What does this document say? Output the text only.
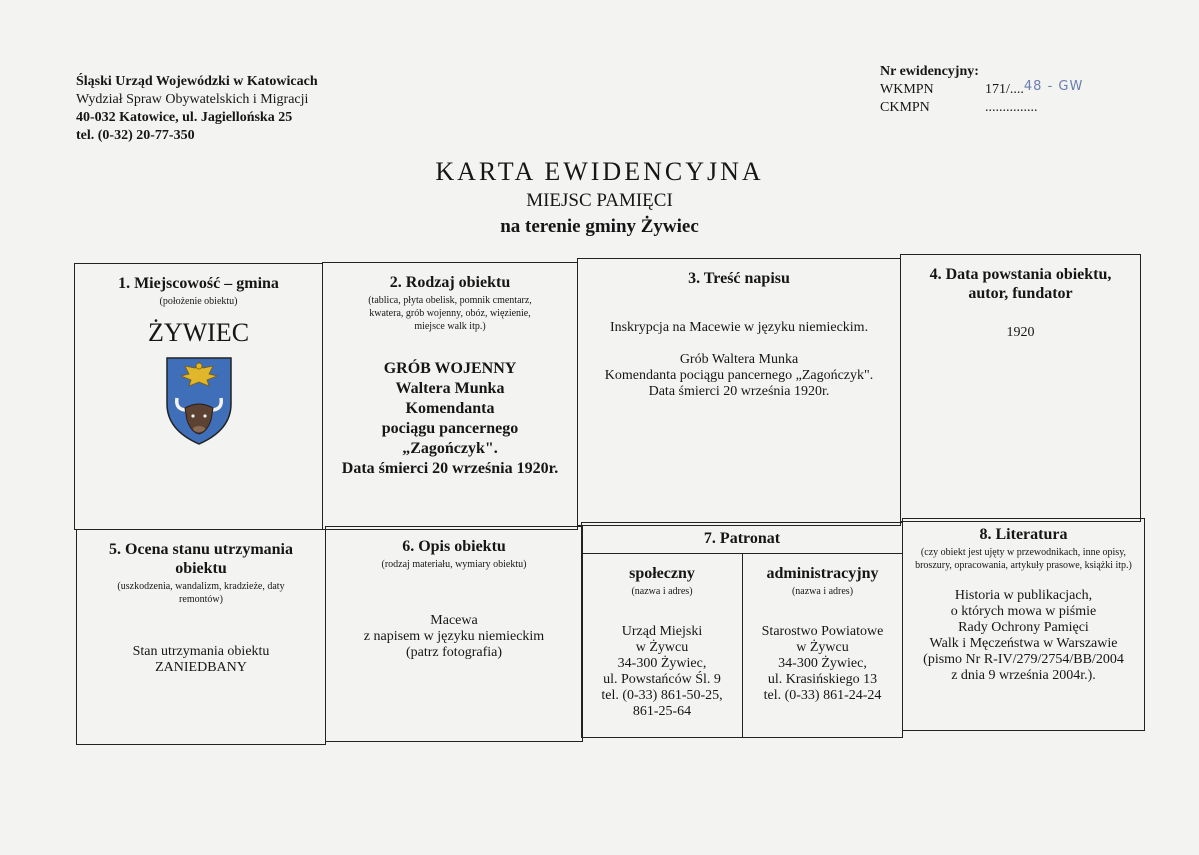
Śląski Urząd Wojewódzki w Katowicach
Wydział Spraw Obywatelskich i Migracji
40-032 Katowice, ul. Jagiellońska 25
tel. (0-32) 20-77-350
Nr ewidencyjny:
WKMPN	171/.... 48 - GW
CKMPN	...............
KARTA EWIDENCYJNA
MIEJSC PAMIĘCI
na terenie gminy Żywiec
1. Miejscowość – gmina
(położenie obiektu)
ŻYWIEC
2. Rodzaj obiektu
(tablica, płyta obelisk, pomnik cmentarz, kwatera, grób wojenny, obóz, więzienie, miejsce walk itp.)
GRÓB WOJENNY
Waltera Munka
Komendanta
pociągu pancernego
„Zagończyk".
Data śmierci 20 września 1920r.
3. Treść napisu
Inskrypcja na Macewie w języku niemieckim.
Grób Waltera Munka
Komendanta pociągu pancernego „Zagończyk".
Data śmierci 20 września 1920r.
4. Data powstania obiektu,
autor, fundator
1920
5. Ocena stanu utrzymania
obiektu
(uszkodzenia, wandalizm, kradzieże, daty remontów)
Stan utrzymania obiektu
ZANIEDBANY
6. Opis obiektu
(rodzaj materiału, wymiary obiektu)
Macewa
z napisem w języku niemieckim
(patrz fotografia)
7. Patronat
społeczny
(nazwa i adres)
Urząd Miejski
w Żywcu
34-300 Żywiec,
ul. Powstańców Śl. 9
tel. (0-33) 861-50-25,
861-25-64
administracyjny
(nazwa i adres)
Starostwo Powiatowe
w Żywcu
34-300 Żywiec,
ul. Krasińskiego 13
tel. (0-33) 861-24-24
8. Literatura
(czy obiekt jest ujęty w przewodnikach, inne opisy, broszury, opracowania, artykuły prasowe, książki itp.)
Historia w publikacjach,
o których mowa w piśmie
Rady Ochrony Pamięci
Walk i Męczeństwa w Warszawie
(pismo Nr R-IV/279/2754/BB/2004
z dnia 9 września 2004r.).
